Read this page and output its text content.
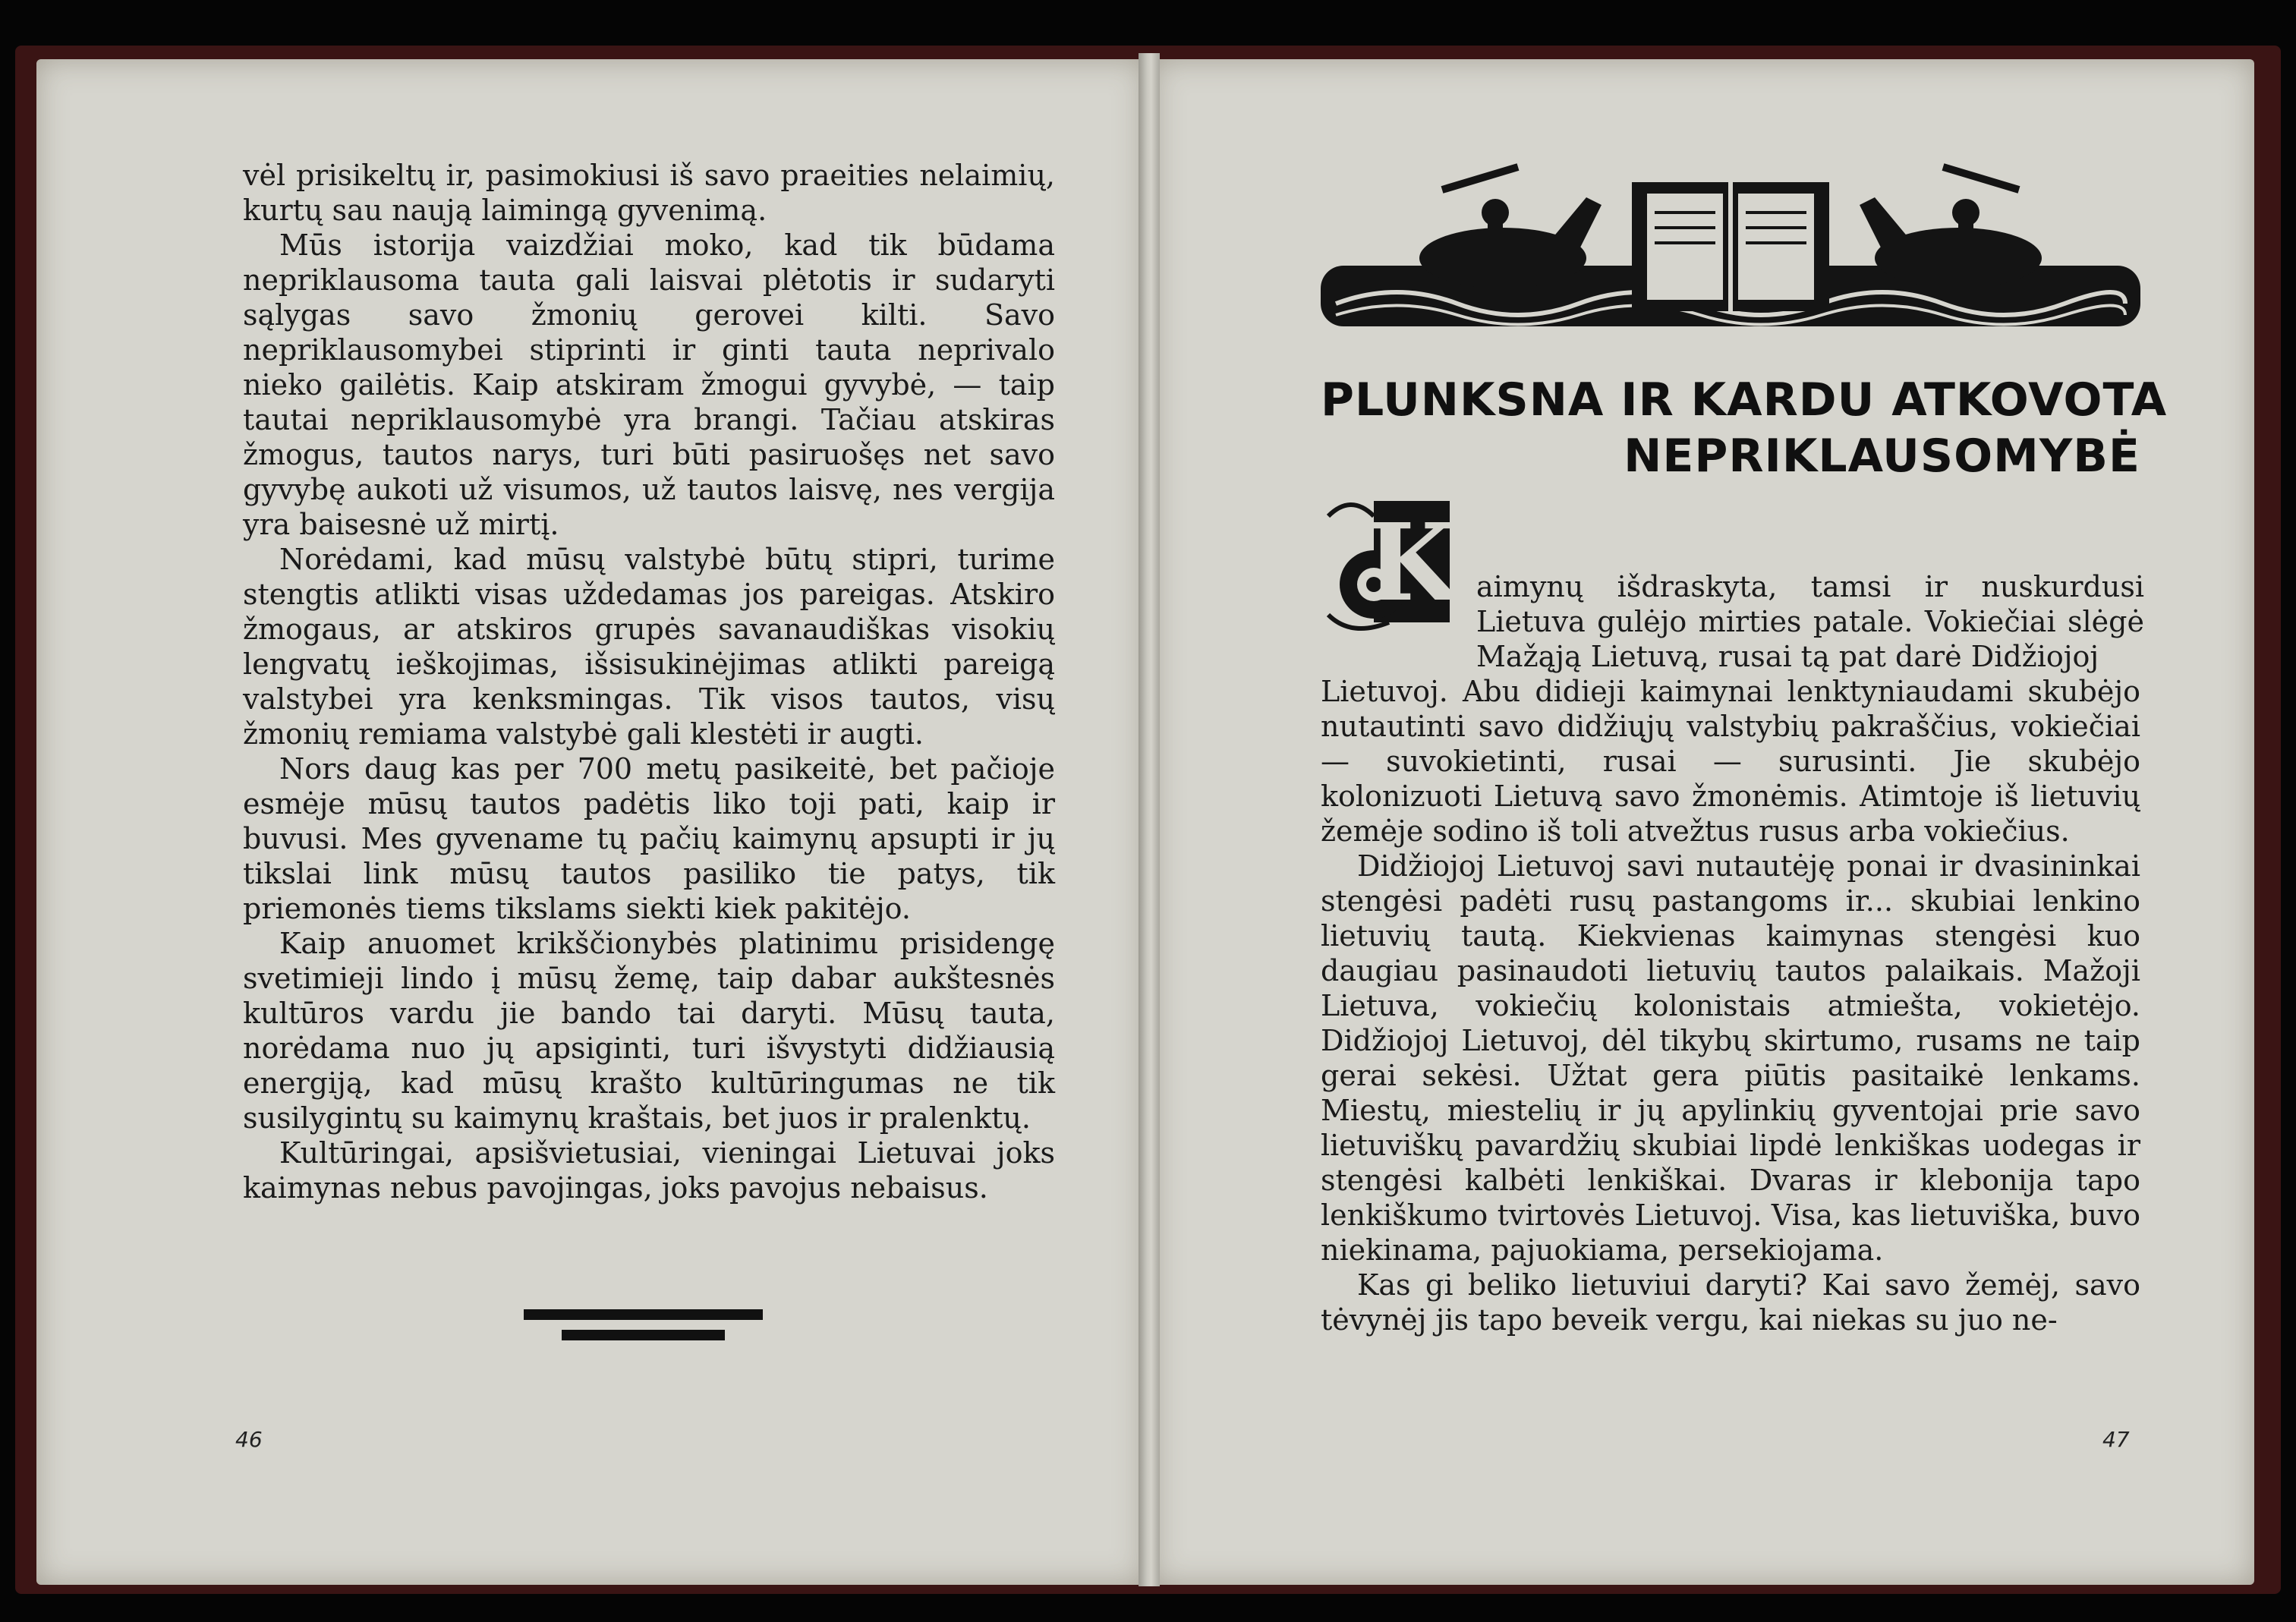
vėl prisikeltų ir, pasimokiusi iš savo praeities nelaimių, kurtų sau naują laimingą gyvenimą.

Mūs istorija vaizdžiai moko, kad tik būdama nepriklausoma tauta gali laisvai plėtotis ir sudaryti sąlygas savo žmonių gerovei kilti. Savo nepriklausomybei stiprinti ir ginti tauta neprivalo nieko gailėtis. Kaip atskiram žmogui gyvybė, — taip tautai nepriklausomybė yra brangi. Tačiau atskiras žmogus, tautos narys, turi būti pasiruošęs net savo gyvybę aukoti už visumos, už tautos laisvę, nes vergija yra baisesnė už mirtį.

Norėdami, kad mūsų valstybė būtų stipri, turime stengtis atlikti visas uždedamas jos pareigas. Atskiro žmogaus, ar atskiros grupės savanaudiškas visokių lengvatų ieškojimas, išsisukinėjimas atlikti pareigą valstybei yra kenksmingas. Tik visos tautos, visų žmonių remiama valstybė gali klestėti ir augti.

Nors daug kas per 700 metų pasikeitė, bet pačioje esmėje mūsų tautos padėtis liko toji pati, kaip ir buvusi. Mes gyvename tų pačių kaimynų apsupti ir jų tikslai link mūsų tautos pasiliko tie patys, tik priemonės tiems tikslams siekti kiek pakitėjo.

Kaip anuomet krikščionybės platinimu prisidengę svetimieji lindo į mūsų žemę, taip dabar aukštesnės kultūros vardu jie bando tai daryti. Mūsų tauta, norėdama nuo jų apsiginti, turi išvystyti didžiausią energiją, kad mūsų krašto kultūringumas ne tik susilygintų su kaimynų kraštais, bet juos ir pralenktų.

Kultūringai, apsišvietusiai, vieningai Lietuvai joks kaimynas nebus pavojingas, joks pavojus nebaisus.

46
PLUNKSNA IR KARDU ATKOVOTA
NEPRIKLAUSOMYBĖ
K aimynų išdraskyta, tamsi ir nuskurdusi Lietuva gulėjo mirties patale. Vokiečiai slėgė Mažąją Lietuvą, rusai tą pat darė Didžiojoj

Lietuvoj. Abu didieji kaimynai lenktyniaudami skubėjo nutautinti savo didžiųjų valstybių pakraščius, vokiečiai — suvokietinti, rusai — surusinti. Jie skubėjo kolonizuoti Lietuvą savo žmonėmis. Atimtoje iš lietuvių žemėje sodino iš toli atvežtus rusus arba vokiečius.

Didžiojoj Lietuvoj savi nutautėję ponai ir dvasininkai stengėsi padėti rusų pastangoms ir... skubiai lenkino lietuvių tautą. Kiekvienas kaimynas stengėsi kuo daugiau pasinaudoti lietuvių tautos palaikais. Mažoji Lietuva, vokiečių kolonistais atmiešta, vokietėjo. Didžiojoj Lietuvoj, dėl tikybų skirtumo, rusams ne taip gerai sekėsi. Užtat gera piūtis pasitaikė lenkams. Miestų, miestelių ir jų apylinkių gyventojai prie savo lietuviškų pavardžių skubiai lipdė lenkiškas uodegas ir stengėsi kalbėti lenkiškai. Dvaras ir klebonija tapo lenkiškumo tvirtovės Lietuvoj. Visa, kas lietuviška, buvo niekinama, pajuokiama, persekiojama.

Kas gi beliko lietuviui daryti? Kai savo žemėj, savo tėvynėj jis tapo beveik vergu, kai niekas su juo ne-

47
